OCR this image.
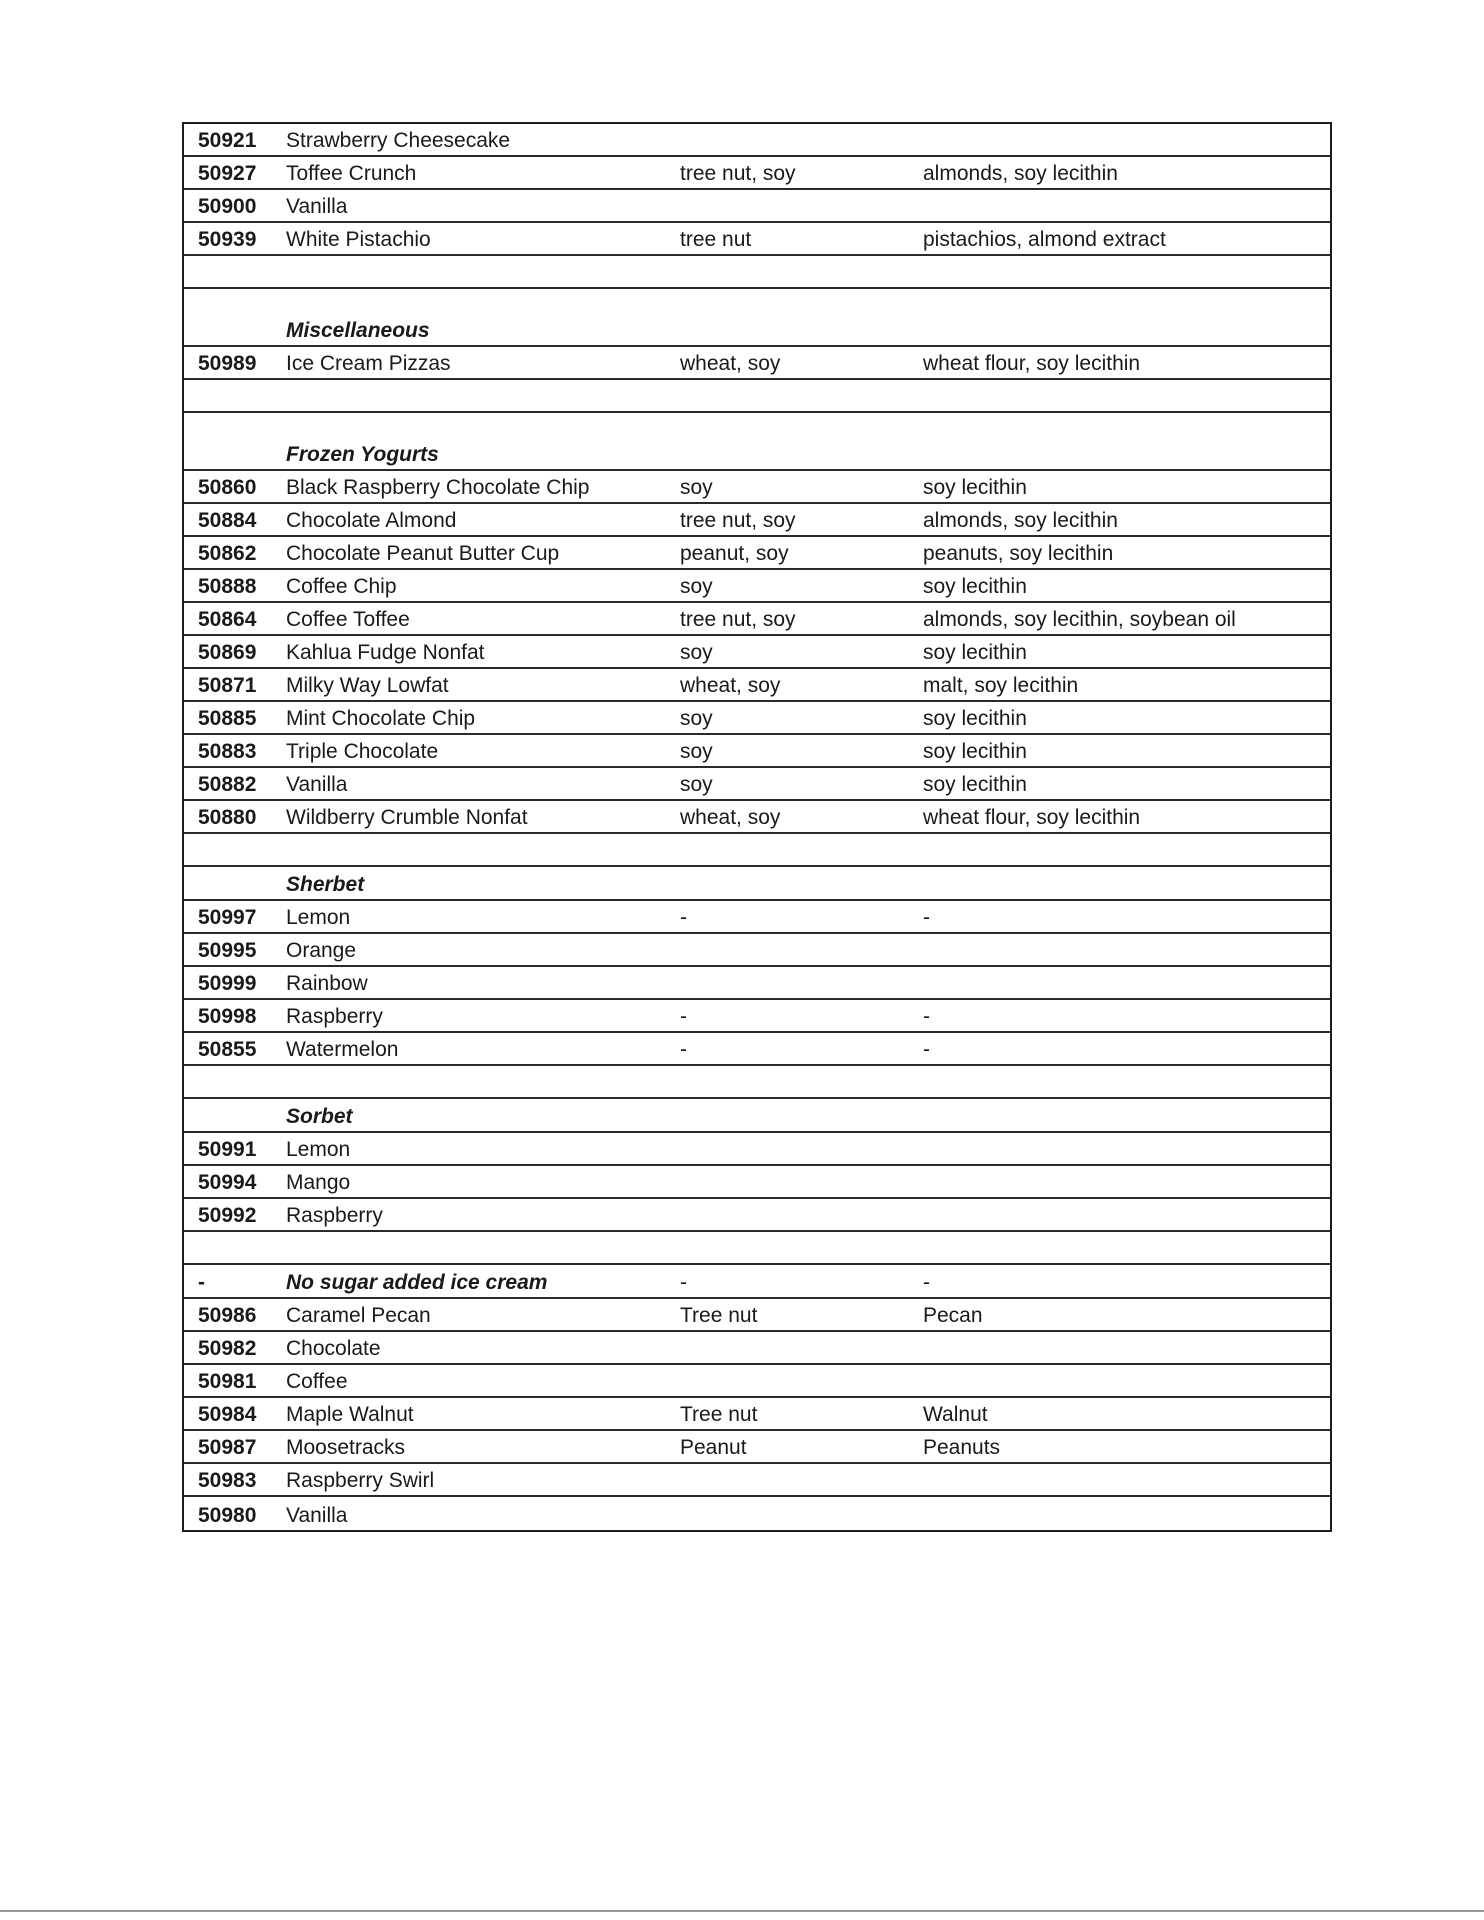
50921	Strawberry Cheesecake
50927	Toffee Crunch	tree nut, soy	almonds, soy lecithin
50900	Vanilla
50939	White Pistachio	tree nut	pistachios, almond extract
Miscellaneous
50989	Ice Cream Pizzas	wheat, soy	wheat flour, soy lecithin
Frozen Yogurts
50860	Black Raspberry Chocolate Chip	soy	soy lecithin
50884	Chocolate Almond	tree nut, soy	almonds, soy lecithin
50862	Chocolate Peanut Butter Cup	peanut, soy	peanuts, soy lecithin
50888	Coffee Chip	soy	soy lecithin
50864	Coffee Toffee	tree nut, soy	almonds, soy lecithin, soybean oil
50869	Kahlua Fudge Nonfat	soy	soy lecithin
50871	Milky Way Lowfat	wheat, soy	malt, soy lecithin
50885	Mint Chocolate Chip	soy	soy lecithin
50883	Triple Chocolate	soy	soy lecithin
50882	Vanilla	soy	soy lecithin
50880	Wildberry Crumble Nonfat	wheat, soy	wheat flour, soy lecithin
Sherbet
50997	Lemon	-	-
50995	Orange
50999	Rainbow
50998	Raspberry	-	-
50855	Watermelon	-	-
Sorbet
50991	Lemon
50994	Mango
50992	Raspberry
-	No sugar added ice cream	-	-
50986	Caramel Pecan	Tree nut	Pecan
50982	Chocolate
50981	Coffee
50984	Maple Walnut	Tree nut	Walnut
50987	Moosetracks	Peanut	Peanuts
50983	Raspberry Swirl
50980	Vanilla
